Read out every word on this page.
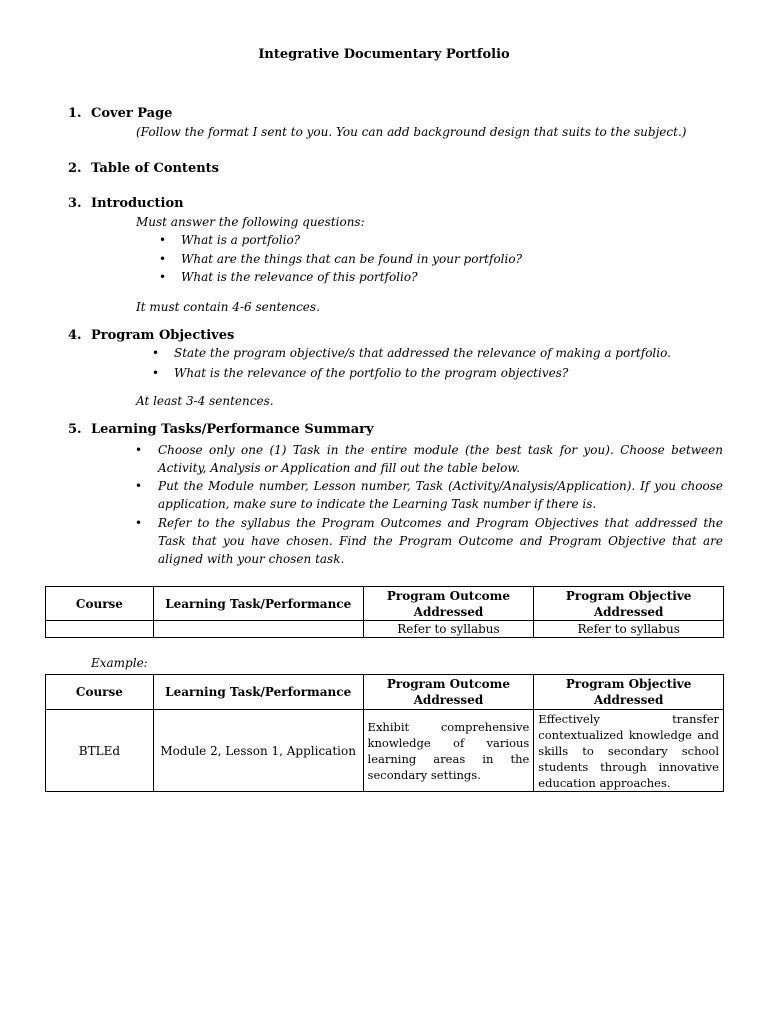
Integrative Documentary Portfolio
1. Cover Page
(Follow the format I sent to you. You can add background design that suits to the subject.)
2. Table of Contents
3. Introduction
Must answer the following questions:
•	What is a portfolio?
•	What are the things that can be found in your portfolio?
•	What is the relevance of this portfolio?
It must contain 4-6 sentences.
4. Program Objectives
•	State the program objective/s that addressed the relevance of making a portfolio.
•	What is the relevance of the portfolio to the program objectives?
At least 3-4 sentences.
5. Learning Tasks/Performance Summary
•	Choose only one (1) Task in the entire module (the best task for you). Choose between Activity, Analysis or Application and fill out the table below.
•	Put the Module number, Lesson number, Task (Activity/Analysis/Application). If you choose application, make sure to indicate the Learning Task number if there is.
•	Refer to the syllabus the Program Outcomes and Program Objectives that addressed the Task that you have chosen. Find the Program Outcome and Program Objective that are aligned with your chosen task.
Course	Learning Task/Performance	Program Outcome Addressed	Program Objective Addressed
		Refer to syllabus	Refer to syllabus
Example:
Course	Learning Task/Performance	Program Outcome Addressed	Program Objective Addressed
BTLEd	Module 2, Lesson 1, Application	Exhibit comprehensive knowledge of various learning areas in the secondary settings.	Effectively transfer contextualized knowledge and skills to secondary school students through innovative education approaches.
